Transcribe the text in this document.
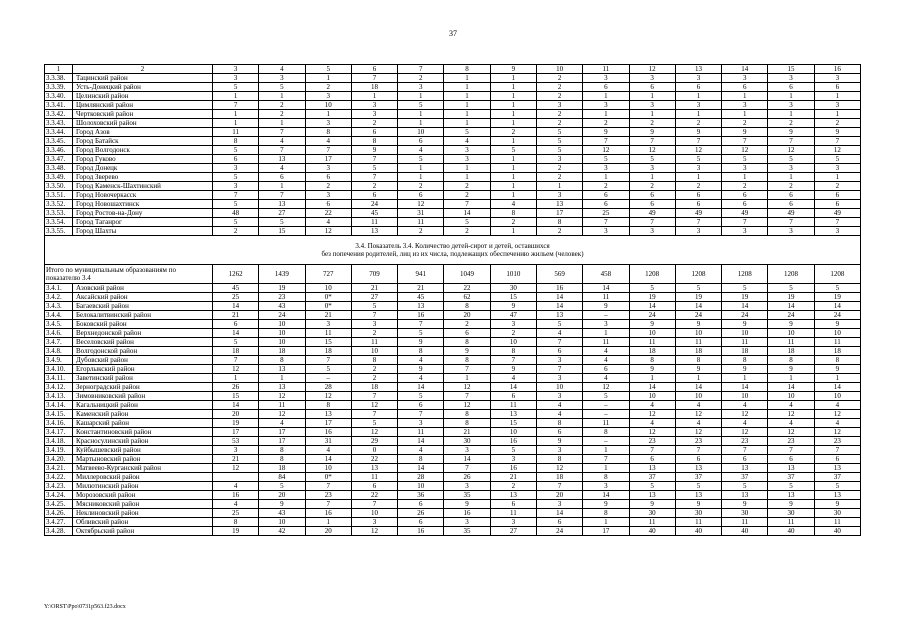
37
1	2	3	4	5	6	7	8	9	10	11	12	13	14	15	16
3.3.38.	Тацинский район	3	3	1	7	2	1	1	2	3	3	3	3	3	3
3.3.39.	Усть-Донецкий район	5	5	2	18	3	1	1	2	6	6	6	6	6	6
3.3.40.	Целинский район	1	1	3	1	1	1	1	2	1	1	1	1	1	1
3.3.41.	Цимлянский район	7	2	10	3	5	1	1	3	3	3	3	3	3	3
3.3.42.	Чертковский район	1	2	1	3	1	1	1	2	1	1	1	1	1	1
3.3.43.	Шолоховский район	1	1	3	2	1	1	1	2	2	2	2	2	2	2
3.3.44.	Город Азов	11	7	8	6	10	5	2	5	9	9	9	9	9	9
3.3.45.	Город Батайск	8	4	4	8	6	4	1	5	7	7	7	7	7	7
3.3.46.	Город Волгодонск	5	7	7	9	4	3	5	5	12	12	12	12	12	12
3.3.47.	Город Гуково	6	13	17	7	5	3	1	3	5	5	5	5	5	5
3.3.48.	Город Донецк	3	4	3	5	1	1	1	2	3	3	3	3	3	3
3.3.49.	Город Зверево	5	6	6	7	1	1	1	2	1	1	1	1	1	1
3.3.50.	Город Каменск-Шахтинский	3	1	2	2	2	2	1	1	2	2	2	2	2	2
3.3.51.	Город Новочеркасск	7	7	3	6	6	2	1	3	6	6	6	6	6	6
3.3.52.	Город Новошахтинск	5	13	6	24	12	7	4	13	6	6	6	6	6	6
3.3.53.	Город Ростов-на-Дону	48	27	22	45	31	14	8	17	25	49	49	49	49	49
3.3.54.	Город Таганрог	5	5	4	11	11	5	2	8	7	7	7	7	7	7
3.3.55.	Город Шахты	2	15	12	13	2	2	1	2	3	3	3	3	3	3

3.4. Показатель 3.4. Количество детей-сирот и детей, оставшихся
без попечения родителей, лиц из их числа, подлежащих обеспечению жильем (человек)															

Итого по муниципальным образованиям по показателю 3.4		1262	1439	727	709	941	1049	1010	569	458	1208	1208	1208	1208	1208
3.4.1.	Азовский район	45	19	10	21	21	22	30	16	14	5	5	5	5	5
3.4.2.	Аксайский район	25	23	0*	27	45	62	15	14	11	19	19	19	19	19
3.4.3.	Багаевский район	14	43	0*	5	13	8	9	14	9	14	14	14	14	14
3.4.4.	Белокалитвинский район	21	24	21	7	16	20	47	13	–	24	24	24	24	24
3.4.5.	Боковский район	6	10	3	3	7	2	3	5	3	9	9	9	9	9
3.4.6.	Верхнедонской район	14	10	11	2	5	6	2	4	1	10	10	10	10	10
3.4.7.	Веселовский район	5	10	15	11	9	8	10	7	11	11	11	11	11	11
3.4.8.	Волгодонской район	18	18	18	10	8	9	8	6	4	18	18	18	18	18
3.4.9.	Дубовский район	7	8	7	8	4	8	7	3	4	8	8	8	8	8
3.4.10.	Егорлыкский район	12	13	5	2	9	7	9	7	6	9	9	9	9	9
3.4.11.	Заветинский район	1	1	–	2	4	1	4	3	4	1	1	1	1	1
3.4.12.	Зерноградский район	26	13	28	18	14	12	14	10	12	14	14	14	14	14
3.4.13.	Зимовниковский район	15	12	12	7	5	7	6	3	5	10	10	10	10	10
3.4.14.	Кагальницкий район	14	11	8	12	6	12	11	4	–	4	4	4	4	4
3.4.15.	Каменский район	20	12	13	7	7	8	13	4	–	12	12	12	12	12
3.4.16.	Кашарский район	19	4	17	5	3	8	15	8	11	4	4	4	4	4
3.4.17.	Константиновский район	17	17	16	12	11	21	10	6	8	12	12	12	12	12
3.4.18.	Красносулинский район	53	17	31	29	14	30	16	9	–	23	23	23	23	23
3.4.19.	Куйбышевский район	3	8	4	0	4	3	5	3	1	7	7	7	7	7
3.4.20.	Мартыновский район	21	8	14	22	8	14	3	8	7	6	6	6	6	6
3.4.21.	Матвеево-Курганский район	12	18	10	13	14	7	16	12	1	13	13	13	13	13
3.4.22.	Миллеровский район		84	0*	11	28	26	21	18	8	37	37	37	37	37
3.4.23.	Милютинский район	4	5	7	6	10	3	2	7	3	5	5	5	5	5
3.4.24.	Морозовский район	16	20	23	22	36	35	13	20	14	13	13	13	13	13
3.4.25.	Мясниковский район	4	9	7	7	6	9	6	3	9	9	9	9	9	9
3.4.26.	Неклиновский район	25	43	16	10	26	16	11	14	8	30	30	30	30	30
3.4.27.	Обливский район	8	10	1	3	6	3	3	6	1	11	11	11	11	11
3.4.28.	Октябрьский район	19	42	20	12	16	35	27	24	17	40	40	40	40	40
Y:\ORST\Ppo\0731p563.f23.docx
